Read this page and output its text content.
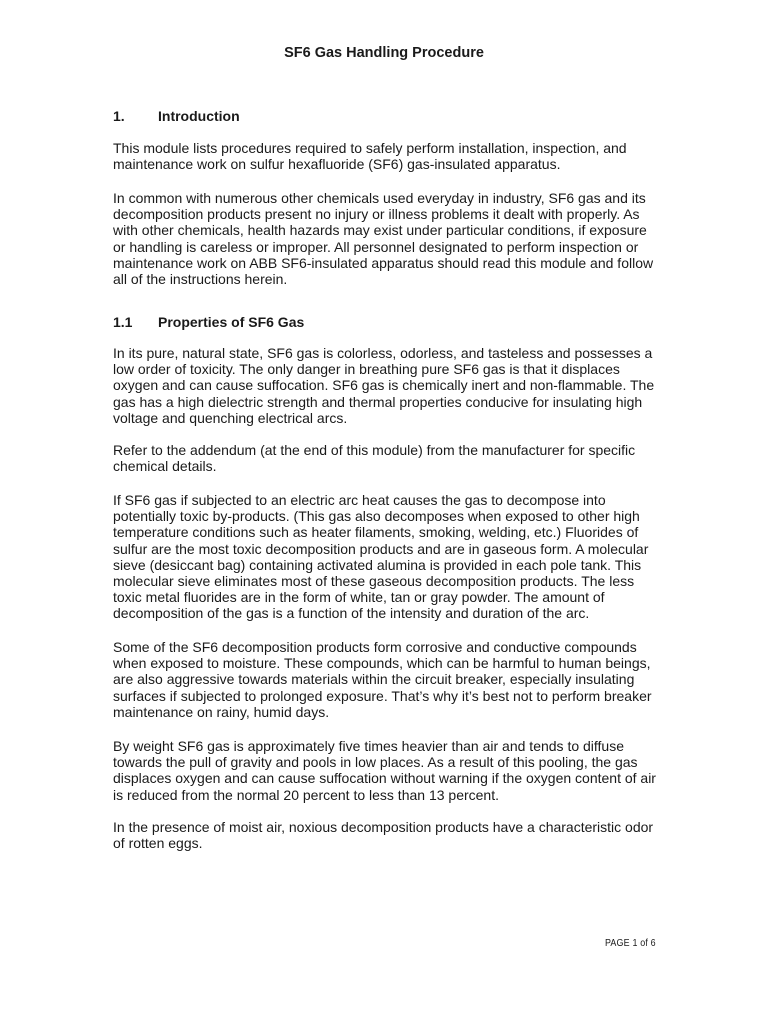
SF6 Gas Handling Procedure
1. Introduction
This module lists procedures required to safely perform installation, inspection, and
maintenance work on sulfur hexafluoride (SF6) gas-insulated apparatus.
In common with numerous other chemicals used everyday in industry, SF6 gas and its
decomposition products present no injury or illness problems it dealt with properly. As
with other chemicals, health hazards may exist under particular conditions, if exposure
or handling is careless or improper. All personnel designated to perform inspection or
maintenance work on ABB SF6-insulated apparatus should read this module and follow
all of the instructions herein.
1.1 Properties of SF6 Gas
In its pure, natural state, SF6 gas is colorless, odorless, and tasteless and possesses a
low order of toxicity. The only danger in breathing pure SF6 gas is that it displaces
oxygen and can cause suffocation. SF6 gas is chemically inert and non-flammable. The
gas has a high dielectric strength and thermal properties conducive for insulating high
voltage and quenching electrical arcs.
Refer to the addendum (at the end of this module) from the manufacturer for specific
chemical details.
If SF6 gas if subjected to an electric arc heat causes the gas to decompose into
potentially toxic by-products. (This gas also decomposes when exposed to other high
temperature conditions such as heater filaments, smoking, welding, etc.) Fluorides of
sulfur are the most toxic decomposition products and are in gaseous form. A molecular
sieve (desiccant bag) containing activated alumina is provided in each pole tank. This
molecular sieve eliminates most of these gaseous decomposition products. The less
toxic metal fluorides are in the form of white, tan or gray powder. The amount of
decomposition of the gas is a function of the intensity and duration of the arc.
Some of the SF6 decomposition products form corrosive and conductive compounds
when exposed to moisture. These compounds, which can be harmful to human beings,
are also aggressive towards materials within the circuit breaker, especially insulating
surfaces if subjected to prolonged exposure. That’s why it’s best not to perform breaker
maintenance on rainy, humid days.
By weight SF6 gas is approximately five times heavier than air and tends to diffuse
towards the pull of gravity and pools in low places. As a result of this pooling, the gas
displaces oxygen and can cause suffocation without warning if the oxygen content of air
is reduced from the normal 20 percent to less than 13 percent.
In the presence of moist air, noxious decomposition products have a characteristic odor
of rotten eggs.
PAGE 1 of 6
